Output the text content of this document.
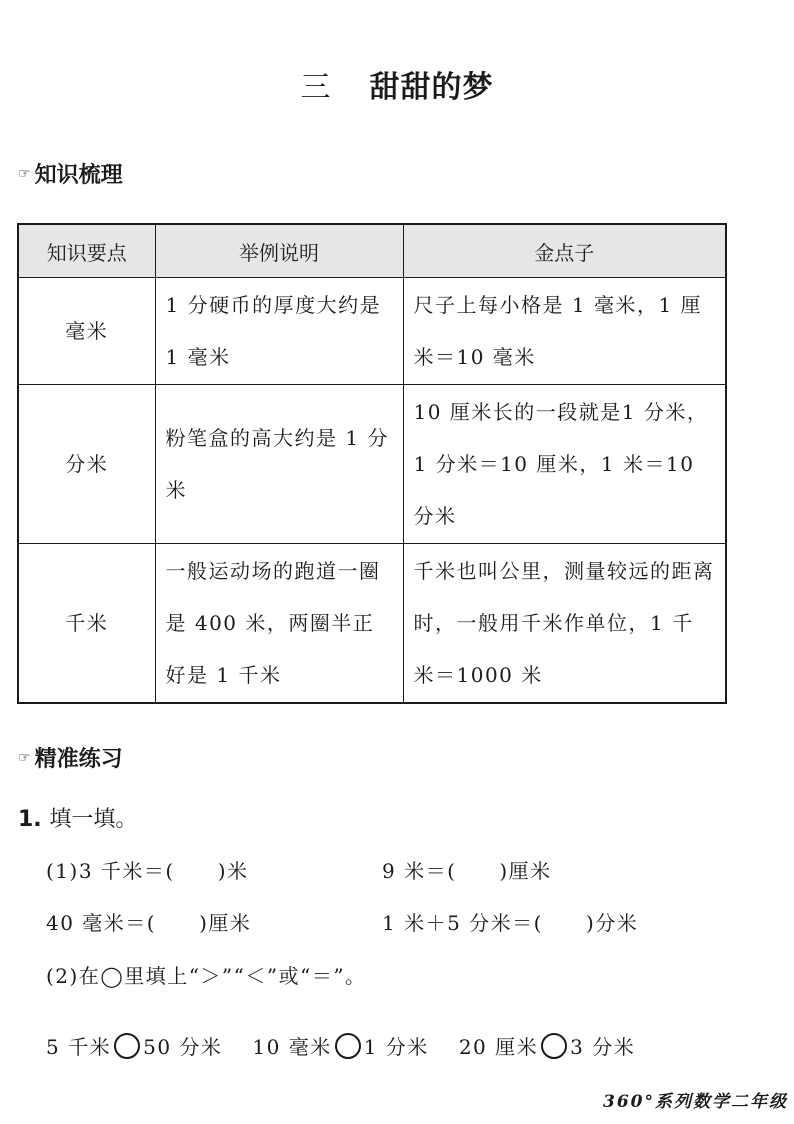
三 甜甜的梦
☞ 知识梳理
知识要点	举例说明	金点子
毫米	1 分硬币的厚度大约是1 毫米	尺子上每小格是 1 毫米，1 厘米＝10 毫米
分米	粉笔盒的高大约是 1 分米	10 厘米长的一段就是1 分米，1 分米＝10 厘米，1 米＝10 分米
千米	一般运动场的跑道一圈是 400 米，两圈半正好是 1 千米	千米也叫公里，测量较远的距离时，一般用千米作单位，1 千米＝1000 米
☞ 精准练习
1. 填一填。
(1)3 千米＝(　　)米	9 米＝(　　)厘米
40 毫米＝(　　)厘米	1 米＋5 分米＝(　　)分米
(2)在◯里填上“＞”“＜”或“＝”。
5 千米 50 分米 10 毫米 1 分米 20 厘米 3 分米
360°系列数学二年级
